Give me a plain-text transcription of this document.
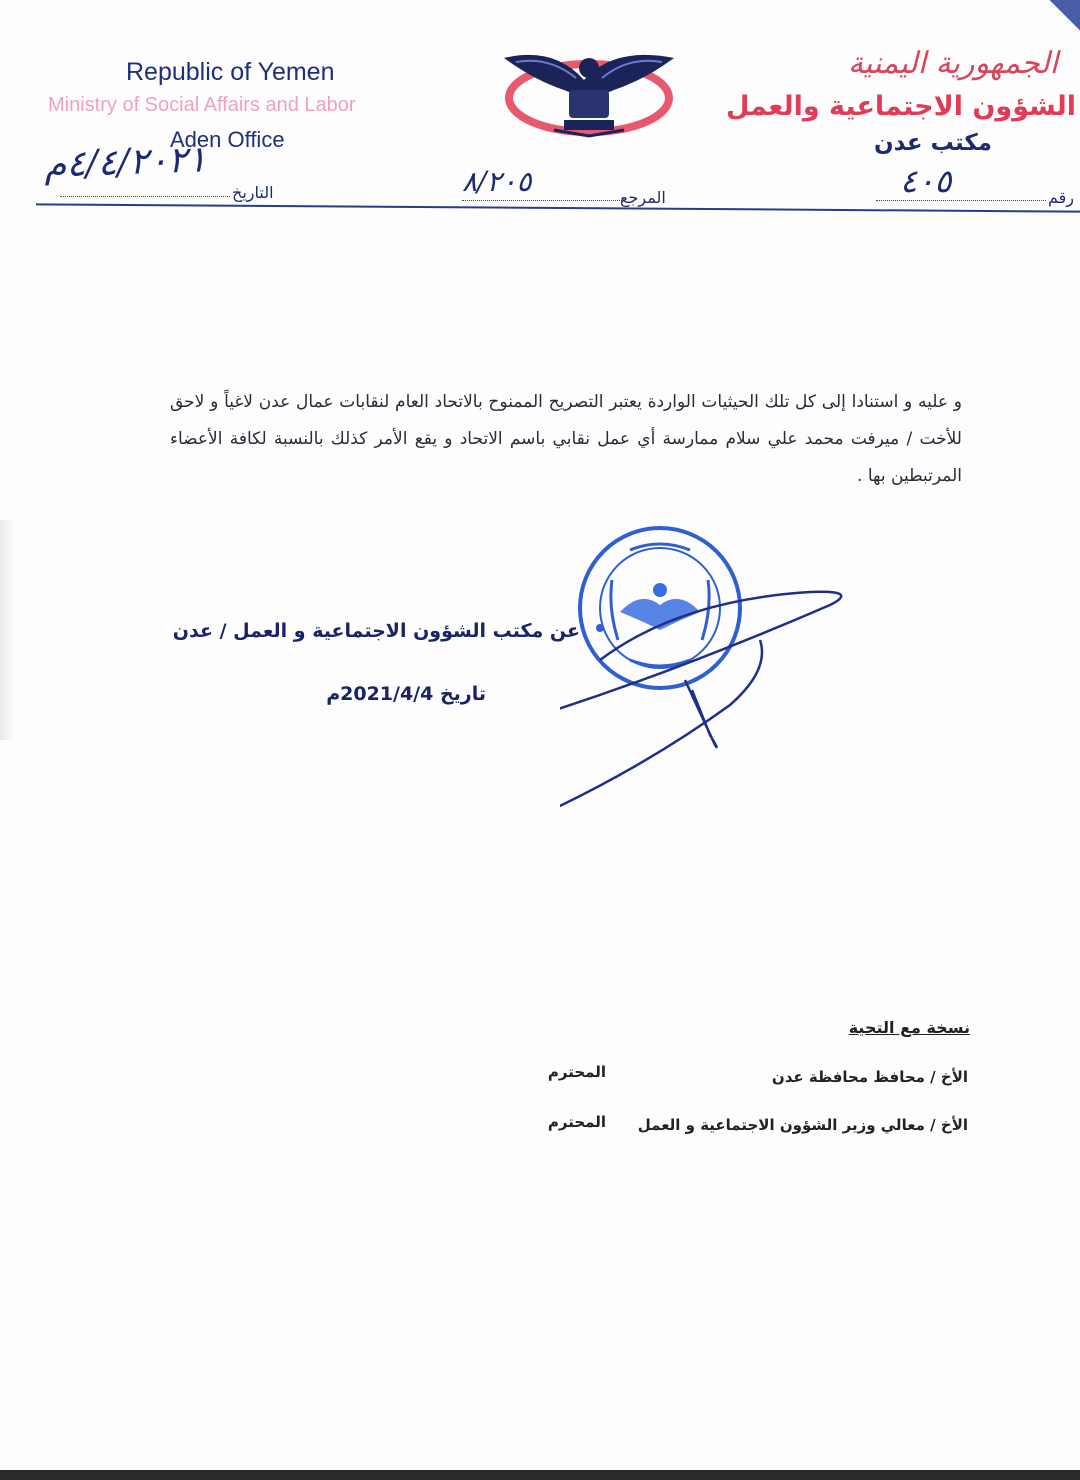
Republic of Yemen
Ministry of Social Affairs and Labor
Aden Office
الجمهورية اليمنية
الشؤون الاجتماعية والعمل
مكتب عدن
التاريخ
٤/٤/٢٠٢١م
المرجع
٨/٢٠٥	رقم
٤٠٥

و عليه و استنادا إلى كل تلك الحيثيات الواردة يعتبر التصريح الممنوح بالاتحاد العام لنقابات عمال عدن لاغياً و لاحق للأخت / ميرفت محمد علي سلام ممارسة أي عمل نقابي باسم الاتحاد و يقع الأمر كذلك بالنسبة لكافة الأعضاء المرتبطين بها .

عن مكتب الشؤون الاجتماعية و العمل / عدن
تاريخ 2021/4/4م
نسخة مع التحية
الأخ / محافظ محافظة عدن
المحترم
الأخ / معالي وزير الشؤون الاجتماعية و العمل
المحترم
